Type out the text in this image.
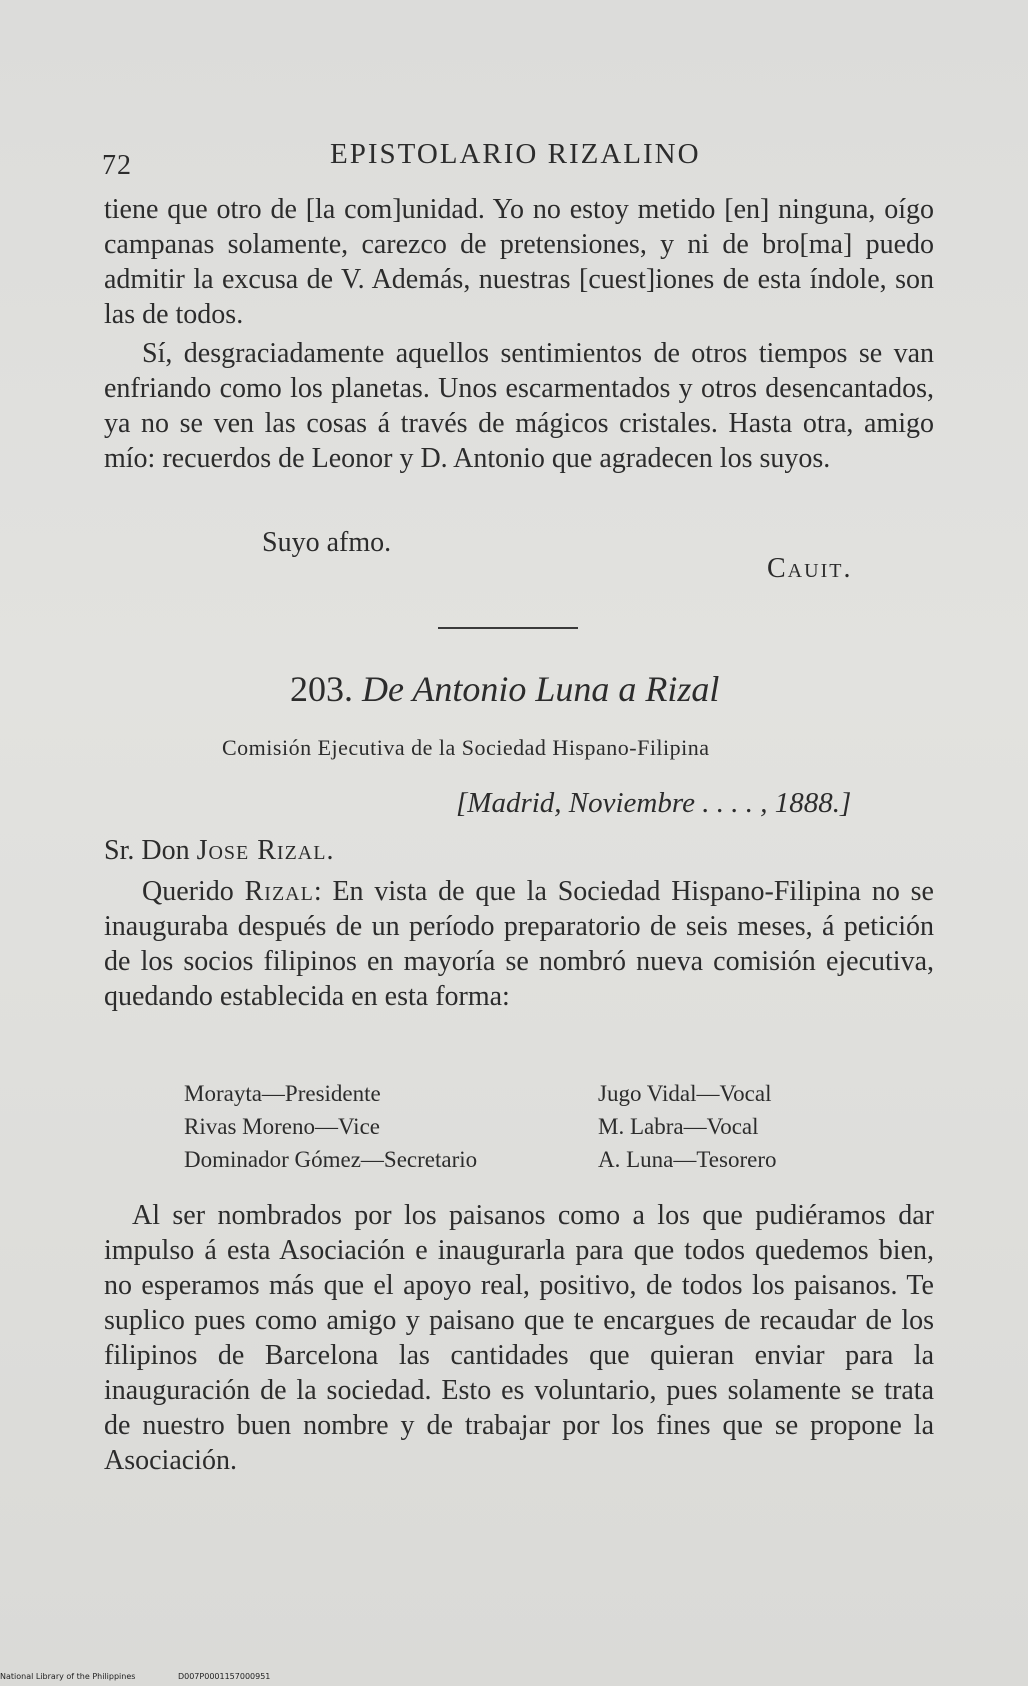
72	EPISTOLARIO RIZALINO
tiene que otro de [la com]unidad. Yo no estoy metido [en] ninguna, oígo campanas solamente, carezco de pretensiones, y ni de bro[ma] puedo admitir la excusa de V. Además, nuestras [cuest]iones de esta índole, son las de todos.
Sí, desgraciadamente aquellos sentimientos de otros tiempos se van enfriando como los planetas. Unos escarmentados y otros desencantados, ya no se ven las cosas á través de mágicos cristales. Hasta otra, amigo mío: recuerdos de Leonor y D. Antonio que agradecen los suyos.
Suyo afmo.
Cauit.
203. De Antonio Luna a Rizal
Comisión Ejecutiva de la Sociedad Hispano-Filipina
[Madrid, Noviembre . . . . , 1888.]
Sr. Don Jose Rizal.
Querido Rizal: En vista de que la Sociedad Hispano-Filipina no se inauguraba después de un período preparatorio de seis meses, á petición de los socios filipinos en mayoría se nombró nueva comisión ejecutiva, quedando establecida en esta forma:
Morayta—Presidente
Rivas Moreno—Vice
Dominador Gómez—Secretario
Jugo Vidal—Vocal
M. Labra—Vocal
A. Luna—Tesorero
Al ser nombrados por los paisanos como a los que pudiéramos dar impulso á esta Asociación e inaugurarla para que todos quedemos bien, no esperamos más que el apoyo real, positivo, de todos los paisanos. Te suplico pues como amigo y paisano que te encargues de recaudar de los filipinos de Barcelona las cantidades que quieran enviar para la inauguración de la sociedad. Esto es voluntario, pues solamente se trata de nuestro buen nombre y de trabajar por los fines que se propone la Asociación.
National Library of the Philippines	D007P0001157000951
